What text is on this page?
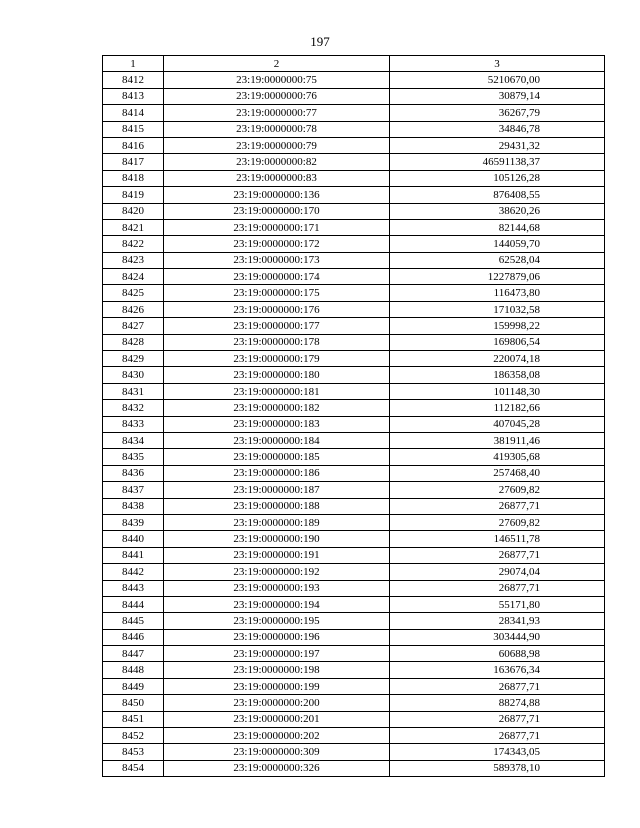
197
1	2	3
8412	23:19:0000000:75	5210670,00
8413	23:19:0000000:76	30879,14
8414	23:19:0000000:77	36267,79
8415	23:19:0000000:78	34846,78
8416	23:19:0000000:79	29431,32
8417	23:19:0000000:82	46591138,37
8418	23:19:0000000:83	105126,28
8419	23:19:0000000:136	876408,55
8420	23:19:0000000:170	38620,26
8421	23:19:0000000:171	82144,68
8422	23:19:0000000:172	144059,70
8423	23:19:0000000:173	62528,04
8424	23:19:0000000:174	1227879,06
8425	23:19:0000000:175	116473,80
8426	23:19:0000000:176	171032,58
8427	23:19:0000000:177	159998,22
8428	23:19:0000000:178	169806,54
8429	23:19:0000000:179	220074,18
8430	23:19:0000000:180	186358,08
8431	23:19:0000000:181	101148,30
8432	23:19:0000000:182	112182,66
8433	23:19:0000000:183	407045,28
8434	23:19:0000000:184	381911,46
8435	23:19:0000000:185	419305,68
8436	23:19:0000000:186	257468,40
8437	23:19:0000000:187	27609,82
8438	23:19:0000000:188	26877,71
8439	23:19:0000000:189	27609,82
8440	23:19:0000000:190	146511,78
8441	23:19:0000000:191	26877,71
8442	23:19:0000000:192	29074,04
8443	23:19:0000000:193	26877,71
8444	23:19:0000000:194	55171,80
8445	23:19:0000000:195	28341,93
8446	23:19:0000000:196	303444,90
8447	23:19:0000000:197	60688,98
8448	23:19:0000000:198	163676,34
8449	23:19:0000000:199	26877,71
8450	23:19:0000000:200	88274,88
8451	23:19:0000000:201	26877,71
8452	23:19:0000000:202	26877,71
8453	23:19:0000000:309	174343,05
8454	23:19:0000000:326	589378,10
